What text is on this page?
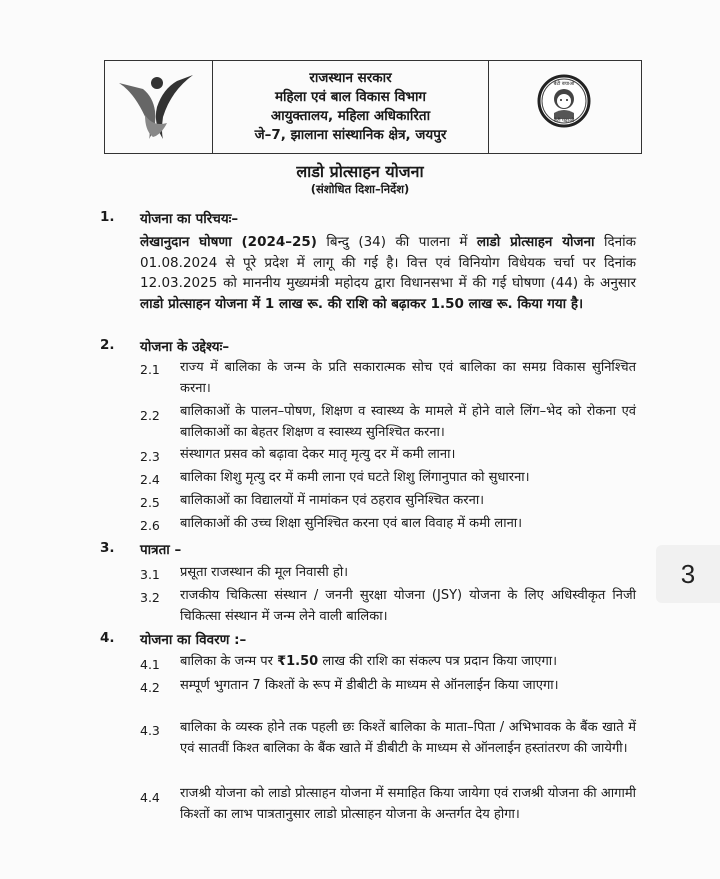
राजस्थान सरकार
महिला एवं बाल विकास विभाग
आयुक्तालय, महिला अधिकारिता
जे–7, झालाना सांस्थानिक क्षेत्र, जयपुर
बेटी बचाओ
बेटी पढ़ाओ
लाडो प्रोत्साहन योजना
(संशोधित दिशा–निर्देश)
1. योजना का परिचयः–
लेखानुदान घोषणा (2024–25) बिन्दु (34) की पालना में लाडो प्रोत्साहन योजना दिनांक 01.08.2024 से पूरे प्रदेश में लागू की गई है। वित्त एवं विनियोग विधेयक चर्चा पर दिनांक 12.03.2025 को माननीय मुख्यमंत्री महोदय द्वारा विधानसभा में की गई घोषणा (44) के अनुसार लाडो प्रोत्साहन योजना में 1 लाख रू. की राशि को बढ़ाकर 1.50 लाख रू. किया गया है।
2. योजना के उद्देश्यः–
2.1 राज्य में बालिका के जन्म के प्रति सकारात्मक सोच एवं बालिका का समग्र विकास सुनिश्चित करना।
2.2 बालिकाओं के पालन–पोषण, शिक्षण व स्वास्थ्य के मामले में होने वाले लिंग–भेद को रोकना एवं बालिकाओं का बेहतर शिक्षण व स्वास्थ्य सुनिश्चित करना।
2.3 संस्थागत प्रसव को बढ़ावा देकर मातृ मृत्यु दर में कमी लाना।
2.4 बालिका शिशु मृत्यु दर में कमी लाना एवं घटते शिशु लिंगानुपात को सुधारना।
2.5 बालिकाओं का विद्यालयों में नामांकन एवं ठहराव सुनिश्चित करना।
2.6 बालिकाओं की उच्च शिक्षा सुनिश्चित करना एवं बाल विवाह में कमी लाना।
3. पात्रता –
3.1 प्रसूता राजस्थान की मूल निवासी हो।
3.2 राजकीय चिकित्सा संस्थान / जननी सुरक्षा योजना (JSY) योजना के लिए अधिस्वीकृत निजी चिकित्सा संस्थान में जन्म लेने वाली बालिका।
4. योजना का विवरण :–
4.1 बालिका के जन्म पर ₹1.50 लाख की राशि का संकल्प पत्र प्रदान किया जाएगा।
4.2 सम्पूर्ण भुगतान 7 किश्तों के रूप में डीबीटी के माध्यम से ऑनलाईन किया जाएगा।
4.3 बालिका के व्यस्क होने तक पहली छः किश्तें बालिका के माता–पिता / अभिभावक के बैंक खाते में एवं सातवीं किश्त बालिका के बैंक खाते में डीबीटी के माध्यम से ऑनलाईन हस्तांतरण की जायेगी।
4.4 राजश्री योजना को लाडो प्रोत्साहन योजना में समाहित किया जायेगा एवं राजश्री योजना की आगामी किश्तों का लाभ पात्रतानुसार लाडो प्रोत्साहन योजना के अन्तर्गत देय होगा।
3
